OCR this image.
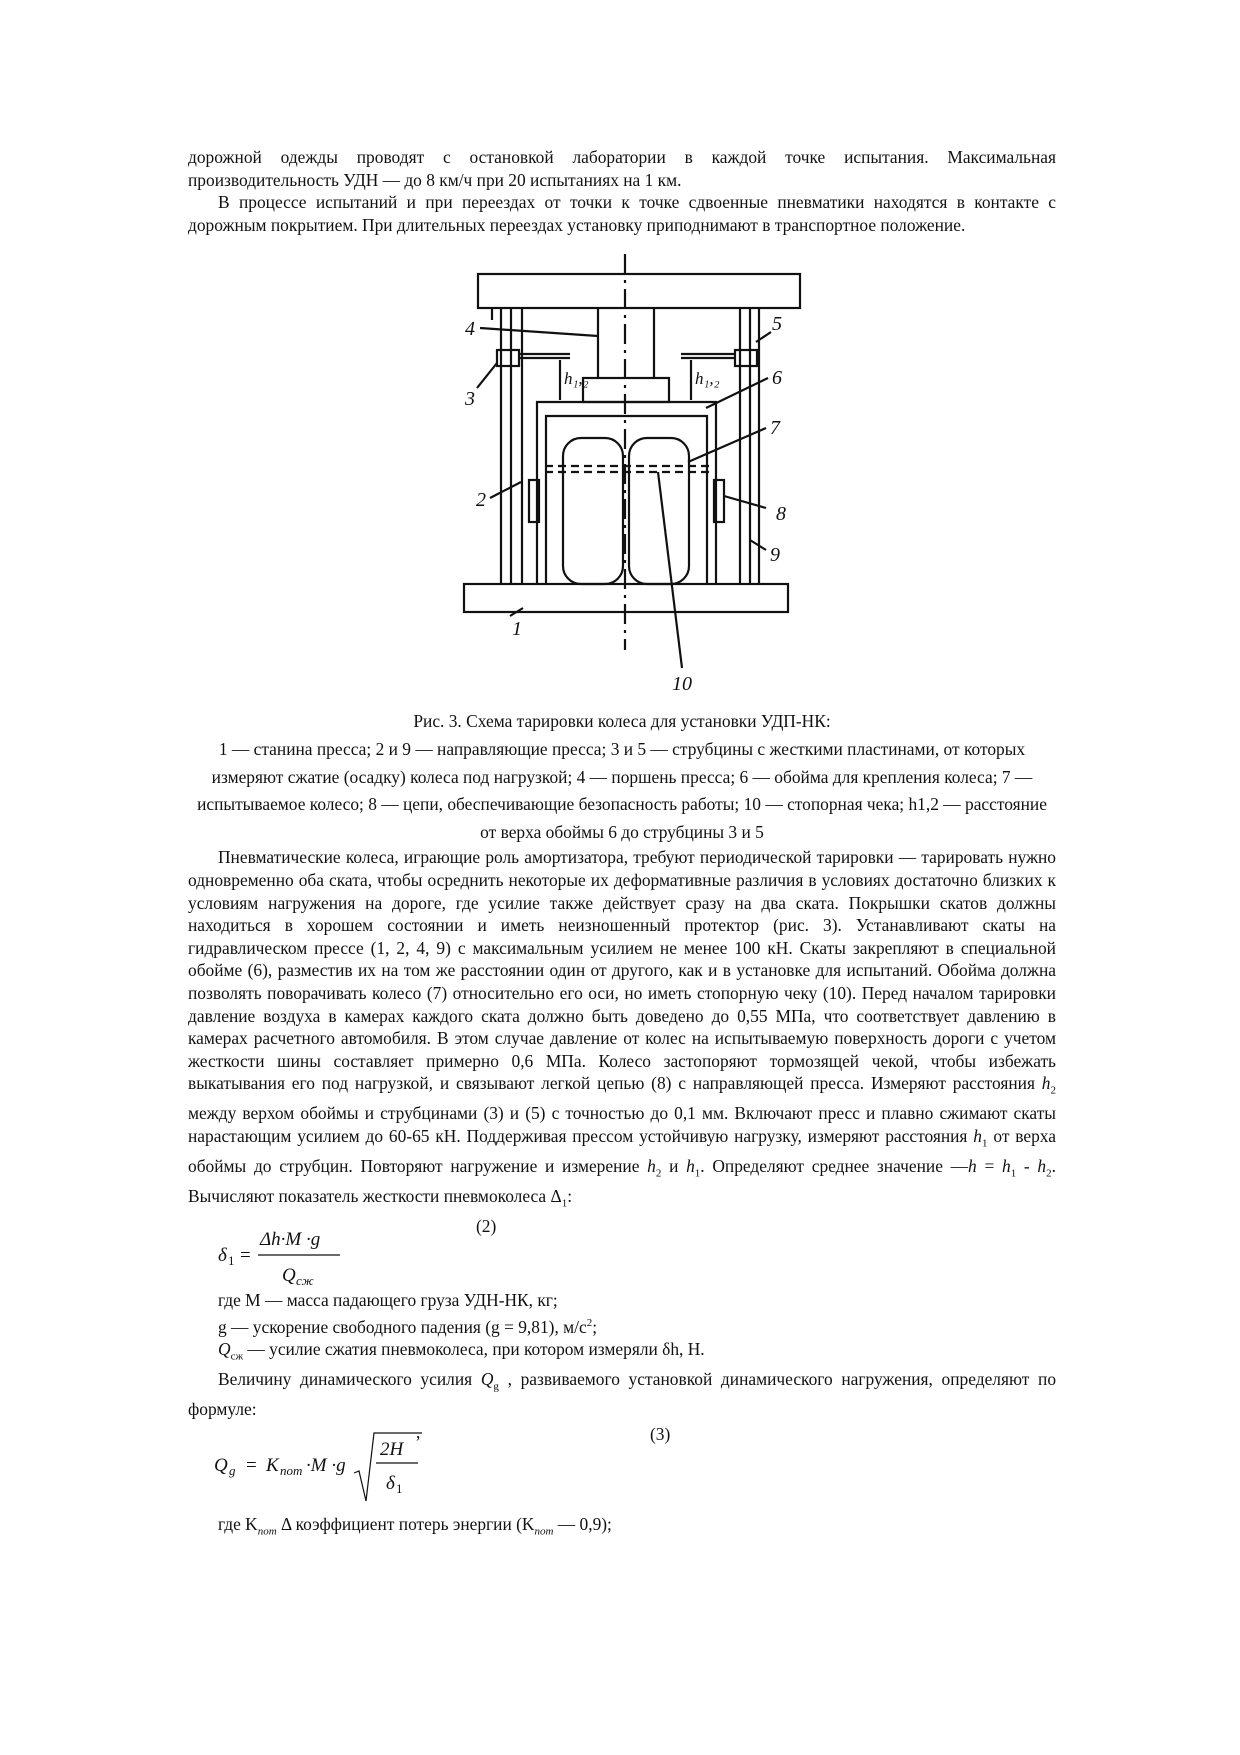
дорожной одежды проводят с остановкой лаборатории в каждой точке испытания. Максимальная производительность УДН — до 8 км/ч при 20 испытаниях на 1 км.

В процессе испытаний и при переездах от точки к точке сдвоенные пневматики находятся в контакте с дорожным покрытием. При длительных переездах установку приподнимают в транспортное положение.

4	5
3
6
7
2
8
9
1
10
h₁,₂	h₁,₂
Рис. 3. Схема тарировки колеса для установки УДП-НК:
1 — станина пресса; 2 и 9 — направляющие пресса; 3 и 5 — струбцины с жесткими пластинами, от которых измеряют сжатие (осадку) колеса под нагрузкой; 4 — поршень пресса; 6 — обойма для крепления колеса; 7 — испытываемое колесо; 8 — цепи, обеспечивающие безопасность работы; 10 — стопорная чека; h1,2 — расстояние от верха обоймы 6 до струбцины 3 и 5

Пневматические колеса, играющие роль амортизатора, требуют периодической тарировки — тарировать нужно одновременно оба ската, чтобы осреднить некоторые их деформативные различия в условиях достаточно близких к условиям нагружения на дороге, где усилие также действует сразу на два ската. Покрышки скатов должны находиться в хорошем состоянии и иметь неизношенный протектор (рис. 3). Устанавливают скаты на гидравлическом прессе (1, 2, 4, 9) с максимальным усилием не менее 100 кН. Скаты закрепляют в специальной обойме (6), разместив их на том же расстоянии один от другого, как и в установке для испытаний. Обойма должна позволять поворачивать колесо (7) относительно его оси, но иметь стопорную чеку (10). Перед началом тарировки давление воздуха в камерах каждого ската должно быть доведено до 0,55 МПа, что соответствует давлению в камерах расчетного автомобиля. В этом случае давление от колес на испытываемую поверхность дороги с учетом жесткости шины составляет примерно 0,6 МПа. Колесо застопоряют тормозящей чекой, чтобы избежать выкатывания его под нагрузкой, и связывают легкой цепью (8) с направляющей пресса. Измеряют расстояния $h_2$ между верхом обоймы и струбцинами (3) и (5) с точностью до 0,1 мм. Включают пресс и плавно сжимают скаты нарастающим усилием до 60-65 кН. Поддерживая прессом устойчивую нагрузку, измеряют расстояния $h_1$ от верха обоймы до струбцин. Повторяют нагружение и измерение $h_2$ и $h_1$. Определяют среднее значение —h = $h_1 - h_2$. Вычисляют показатель жесткости пневмоколеса $\Delta_1$:

(2)
δ 1 =
Δh·M ·g
Q сж
где М — масса падающего груза УДН-НК, кг;
g — ускорение свободного падения (g = 9,81), $м/с^2$;
$Q_{сж}$ — усилие сжатия пневмоколеса, при котором измеряли δh, Н.

Величину динамического усилия $Q_g$ , развиваемого установкой динамического нагружения, определяют по формуле:

,	(3)
Q g = K пот ·M ·g
2H
δ 1
где $K_{пот}$ Δ коэффициент потерь энергии ($K_{пот}$ — 0,9);
